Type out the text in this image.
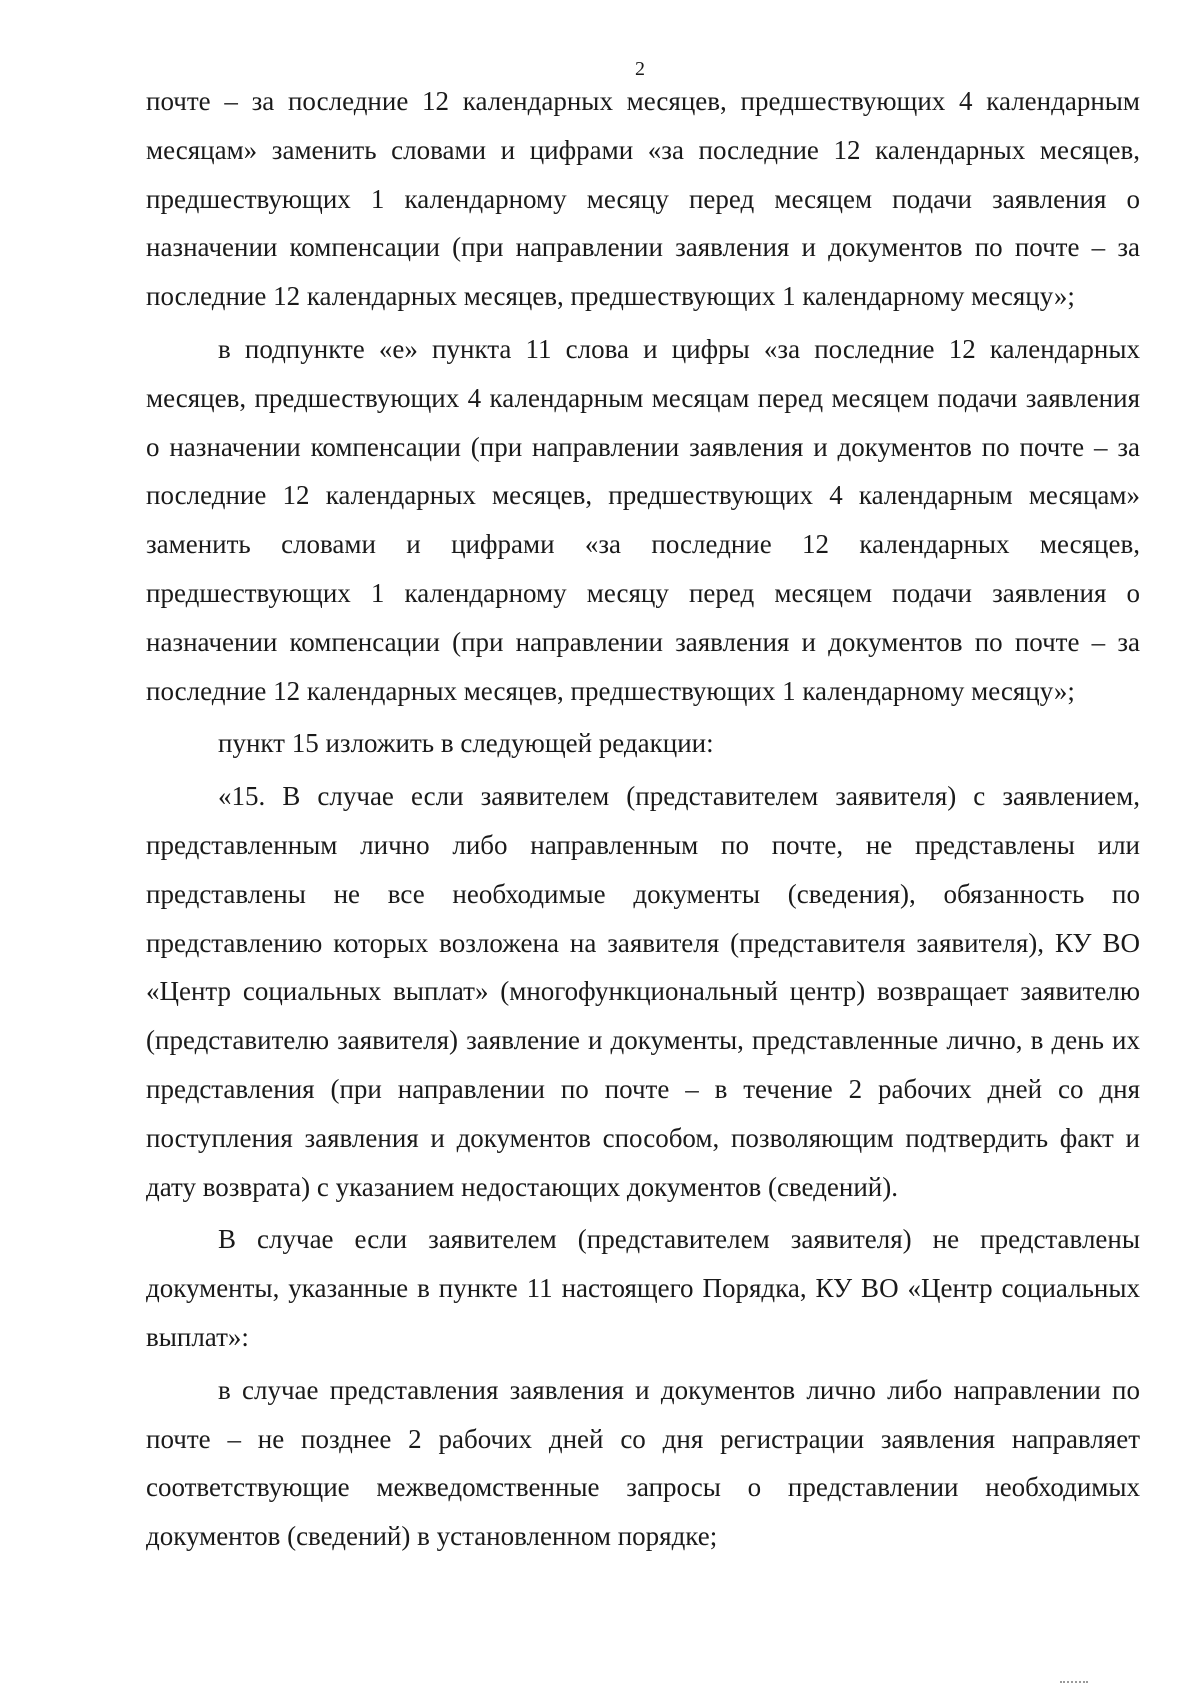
2

почте – за последние 12 календарных месяцев, предшествующих 4 календарным месяцам» заменить словами и цифрами «за последние 12 календарных месяцев, предшествующих 1 календарному месяцу перед месяцем подачи заявления о назначении компенсации (при направлении заявления и документов по почте – за последние 12 календарных месяцев, предшествующих 1 календарному месяцу»;

в подпункте «е» пункта 11 слова и цифры «за последние 12 календарных месяцев, предшествующих 4 календарным месяцам перед месяцем подачи заявления о назначении компенсации (при направлении заявления и документов по почте – за последние 12 календарных месяцев, предшествующих 4 календарным месяцам» заменить словами и цифрами «за последние 12 календарных месяцев, предшествующих 1 календарному месяцу перед месяцем подачи заявления о назначении компенсации (при направлении заявления и документов по почте – за последние 12 календарных месяцев, предшествующих 1 календарному месяцу»;

пункт 15 изложить в следующей редакции:

«15. В случае если заявителем (представителем заявителя) с заявлением, представленным лично либо направленным по почте, не представлены или представлены не все необходимые документы (сведения), обязанность по представлению которых возложена на заявителя (представителя заявителя), КУ ВО «Центр социальных выплат» (многофункциональный центр) возвращает заявителю (представителю заявителя) заявление и документы, представленные лично, в день их представления (при направлении по почте – в течение 2 рабочих дней со дня поступления заявления и документов способом, позволяющим подтвердить факт и дату возврата) с указанием недостающих документов (сведений).

В случае если заявителем (представителем заявителя) не представлены документы, указанные в пункте 11 настоящего Порядка, КУ ВО «Центр социальных выплат»:

в случае представления заявления и документов лично либо направлении по почте – не позднее 2 рабочих дней со дня регистрации заявления направляет соответствующие межведомственные запросы о представлении необходимых документов (сведений) в установленном порядке;
